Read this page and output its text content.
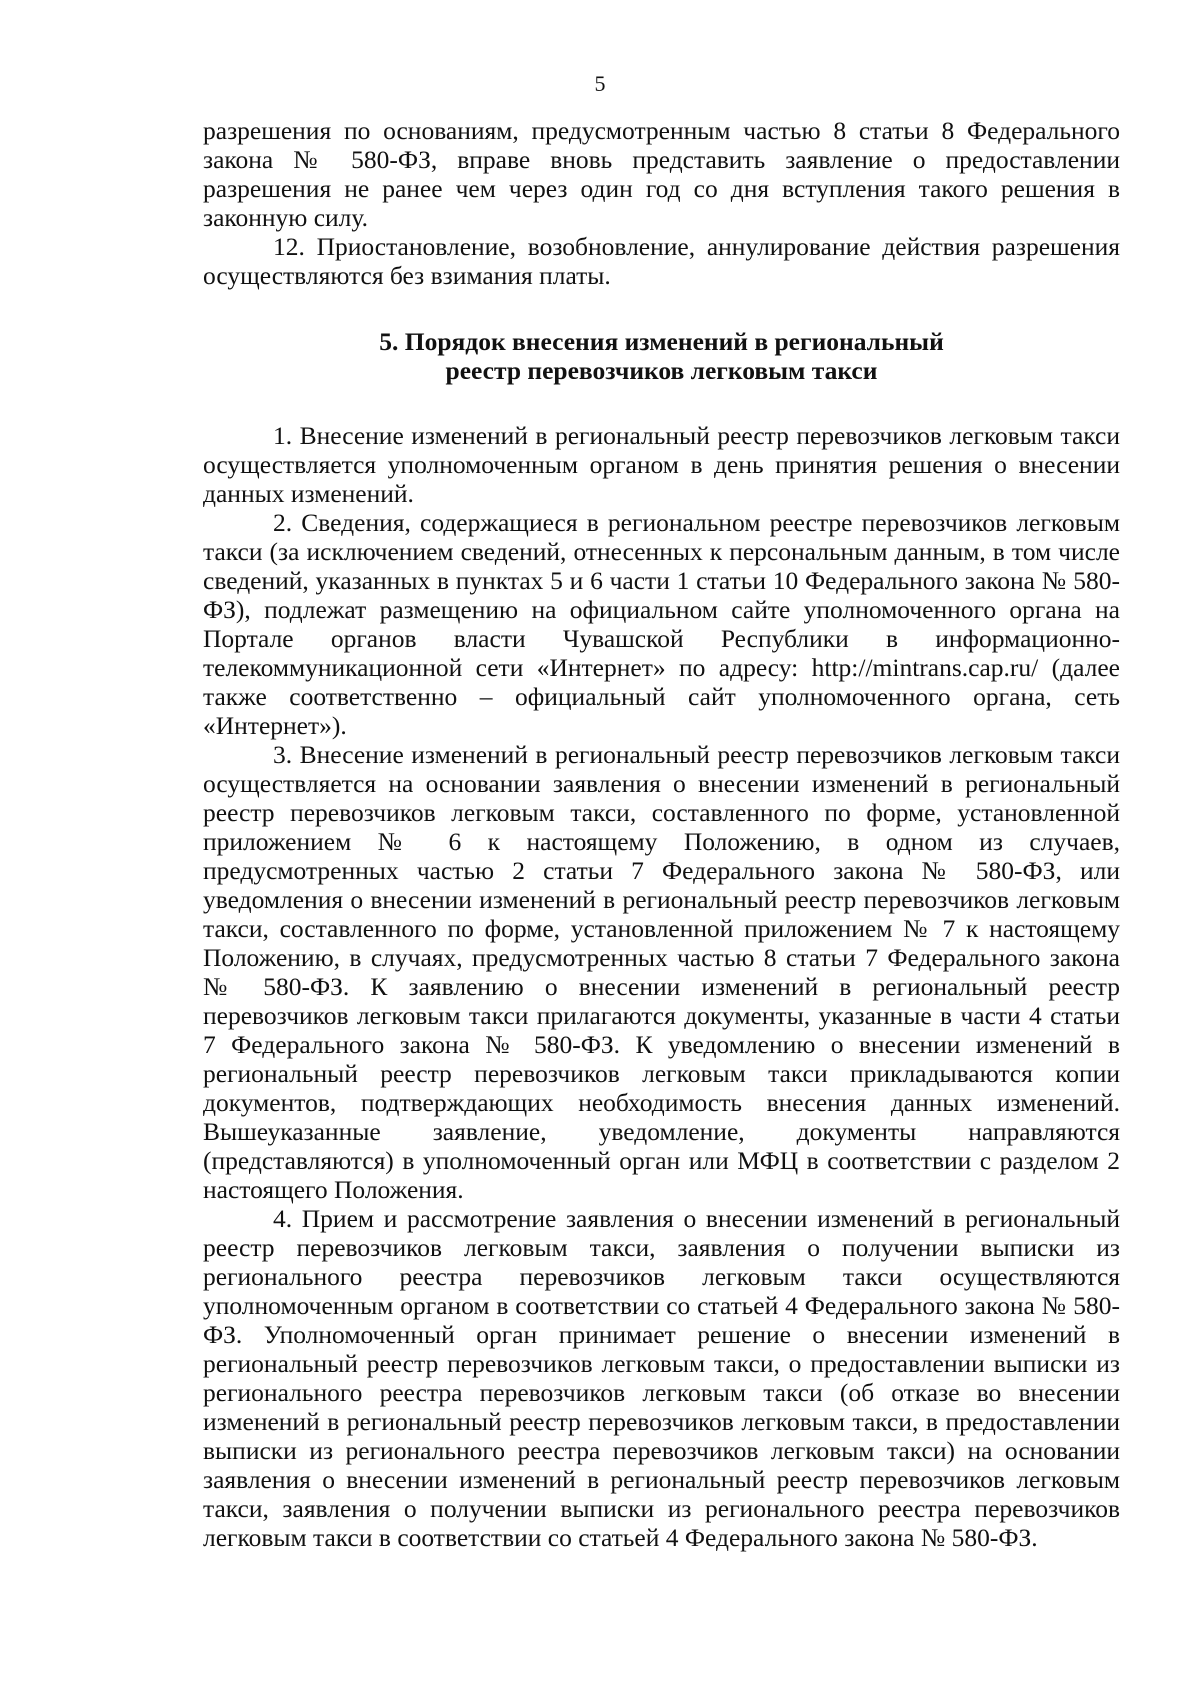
5

разрешения по основаниям, предусмотренным частью 8 статьи 8 Федерального закона № 580-ФЗ, вправе вновь представить заявление о предоставлении разрешения не ранее чем через один год со дня вступления такого решения в законную силу.

12. Приостановление, возобновление, аннулирование действия разрешения осуществляются без взимания платы.

5. Порядок внесения изменений в региональный
реестр перевозчиков легковым такси

1. Внесение изменений в региональный реестр перевозчиков легковым такси осуществляется уполномоченным органом в день принятия решения о внесении данных изменений.

2. Сведения, содержащиеся в региональном реестре перевозчиков легковым такси (за исключением сведений, отнесенных к персональным данным, в том числе сведений, указанных в пунктах 5 и 6 части 1 статьи 10 Федерального закона № 580-ФЗ), подлежат размещению на официальном сайте уполномоченного органа на Портале органов власти Чувашской Республики в информационно-телекоммуникационной сети «Интернет» по адресу: http://mintrans.cap.ru/ (далее также соответственно – официальный сайт уполномоченного органа, сеть «Интернет»).

3. Внесение изменений в региональный реестр перевозчиков легковым такси осуществляется на основании заявления о внесении изменений в региональный реестр перевозчиков легковым такси, составленного по форме, установленной приложением № 6 к настоящему Положению, в одном из случаев, предусмотренных частью 2 статьи 7 Федерального закона № 580-ФЗ, или уведомления о внесении изменений в региональный реестр перевозчиков легковым такси, составленного по форме, установленной приложением № 7 к настоящему Положению, в случаях, предусмотренных частью 8 статьи 7 Федерального закона № 580-ФЗ. К заявлению о внесении изменений в региональный реестр перевозчиков легковым такси прилагаются документы, указанные в части 4 статьи 7 Федерального закона № 580-ФЗ. К уведомлению о внесении изменений в региональный реестр перевозчиков легковым такси прикладываются копии документов, подтверждающих необходимость внесения данных изменений. Вышеуказанные заявление, уведомление, документы направляются (представляются) в уполномоченный орган или МФЦ в соответствии с разделом 2 настоящего Положения.

4. Прием и рассмотрение заявления о внесении изменений в региональный реестр перевозчиков легковым такси, заявления о получении выписки из регионального реестра перевозчиков легковым такси осуществляются уполномоченным органом в соответствии со статьей 4 Федерального закона № 580-ФЗ. Уполномоченный орган принимает решение о внесении изменений в региональный реестр перевозчиков легковым такси, о предоставлении выписки из регионального реестра перевозчиков легковым такси (об отказе во внесении изменений в региональный реестр перевозчиков легковым такси, в предоставлении выписки из регионального реестра перевозчиков легковым такси) на основании заявления о внесении изменений в региональный реестр перевозчиков легковым такси, заявления о получении выписки из регионального реестра перевозчиков легковым такси в соответствии со статьей 4 Федерального закона № 580-ФЗ.
